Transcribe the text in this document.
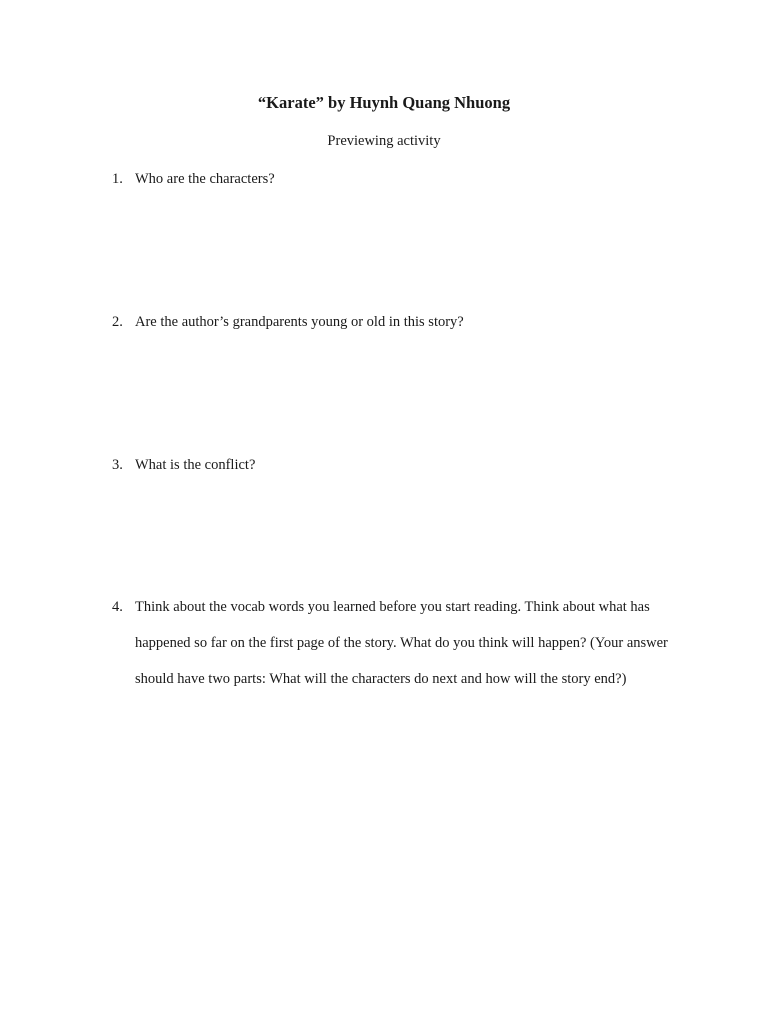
“Karate” by Huynh Quang Nhuong
Previewing activity
1. Who are the characters?
2. Are the author’s grandparents young or old in this story?
3. What is the conflict?
4. Think about the vocab words you learned before you start reading. Think about what has happened so far on the first page of the story. What do you think will happen? (Your answer should have two parts: What will the characters do next and how will the story end?)
